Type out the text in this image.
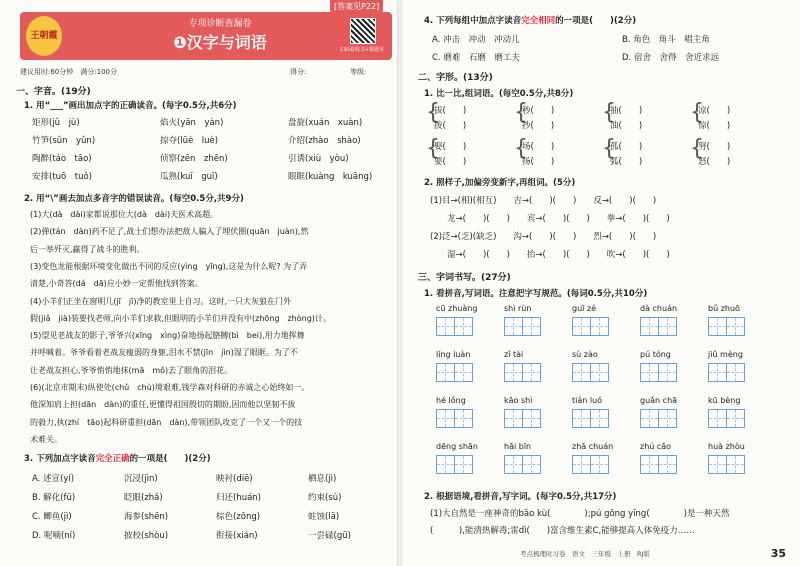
王朝霞
[答案见P22]
专项诊断查漏卷
❶汉字与词语	扫码看练习+错题本
建议用时:60分钟　满分:100分	得分:	等级:
一、字音。(19分)
1. 用“___”画出加点字的正确读音。(每字0.5分,共6分)
矩形(jǔ　jù)	焰火(yān　yàn)	盘旋(xuán　xuàn)
竹笋(sǔn　yǔn)	掠夺(lüè　luè)	介绍(zhào　shào)
陶醉(táo　tāo)	侦察(zēn　zhēn)	引诱(xiù　yòu)
安排(tuō　tuǒ)	瓜熟(kuī　guī)	眼眶(kuàng　kuāng)
2. 用“\”画去加点多音字的错误读音。(每空0.5分,共9分)
(1)大(dà　dài)家都说那位大(dà　dài)夫医术高超。
(2)弹(tán　dàn)药不足了,战士们想办法把敌人骗入了埋伏圈(quān　juàn),然
后一举歼灭,赢得了战斗的胜利。
(3)变色龙能根据环境变化做出不同的反应(yìng　yīng),这是为什么呢? 为了弄
清楚,小奇答(dá　dā)应小妙一定帮他找到答案。
(4)小羊们正坐在窗明几(jī　jǐ)净的教室里上自习。这时,一只大灰狼在门外
假(jiǎ　jià)装要找老师,向小羊们求救,但眼明的小羊们并没有中(zhōng　zhòng)计。
(5)望见老战友的影子,爷爷兴(xīng　xìng)奋地扬起胳膊(bì　bei),用力地挥舞
并呼喊着。爷爷看着老战友瘦弱的身躯,泪水不禁(jīn　jìn)湿了眼眶。为了不
让老战友担心,爷爷悄悄地抹(mā　mǒ)去了眼角的泪花。
(6)(北京市期末)纵使处(chǔ　chù)境艰难,钱学森对科研的赤诚之心始终如一。
他深知肩上担(dān　dàn)的重任,更懂得祖国殷切的期盼,因而他以坚韧不拔
的毅力,执(zhí　tāo)起科研重担(dān　dàn),带领团队攻克了一个又一个的技
术难关。
3. 下列加点字读音完全正确的一项是(　　)(2分)
A. 述宣(yí)	沉浸(jìn)	映衬(diē)	栖息(jì)
B. 解化(fū)	眨眼(zhǎ)	归还(huán)	约束(sù)
C. 鲫鱼(jì)	海参(shēn)	棕色(zōng)	蛀蚀(lā)
D. 呢喃(ní)	披校(shòu)	衔接(xián)	一尝碌(gū)
4. 下列每组中加点字读音完全相同的一项是(　　)(2分)
A. 冲击　冲动　冲动儿	B. 角色　角斗　唱主角
C. 磨难　石磨　磨工夫	D. 宿舍　舍得　舍近求远
二、字形。(13分)
1. 比一比,组词语。(每空0.5分,共8分)
{
拔(　　)
拨(　　)
{
秒(　　)
抄(　　)
{
抽(　　)
油(　　)
{
凉(　　)
惊(　　)
{
娶(　　)
要(　　)
{
场(　　)
扬(　　)
{
孤(　　)
弧(　　)
{
努(　　)
怒(　　)
2. 照样子,加偏旁变新字,再组词。(5分)
(1)目→(相)(相互)　　吉→(　　)(　　)　　反→(　　)(　　)
　　龙→(　　)(　　)　　宾→(　　)(　　)　　拳→(　　)(　　)
(2)泛→(乏)(缺乏)　　沟→(　　)(　　)　　烈→(　　)(　　)
　　湿→(　　)(　　)　　抬→(　　)(　　)　　吹→(　　)(　　)
三、字词书写。(27分)
1. 看拼音,写词语。注意把字写规范。(每词0.5分,共10分)
cū zhuàng	shì rùn	guī zé	dà chuán	bǔ zhuō
líng luàn	zǐ tài	sù zào	pú tóng	jiǔ mèng
hé lǒng	kāo shì	tián luó	guǎn chā	kū bèng
dēng shān	hǎi bīn	zhǎ chuán	zhú cǎo	huà zhòu
2. 根据语境,看拼音,写字词。(每字0.5分,共17分)
(1)大自然是一座神奇的bǎo kù(　　　　);pú gōng yīng(　　　　)是一种天然
(　　　),能清热解毒;雷dì(　　)富含维生素C,能够提高人体免疫力……
考点梳理时习卷　语文　三年级　上册　RJ版	35
